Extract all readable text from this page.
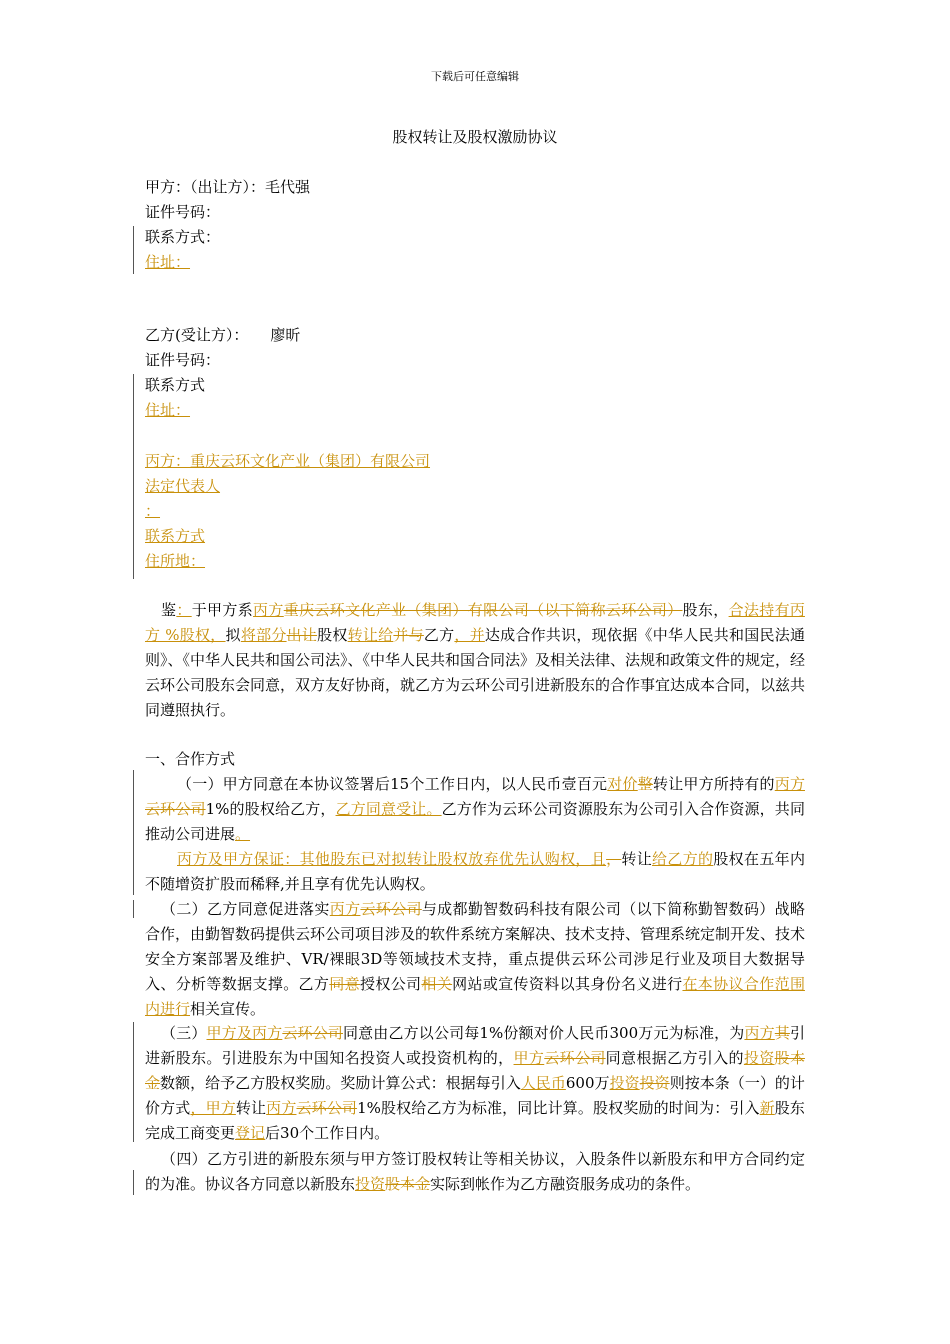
下载后可任意编辑
股权转让及股权激励协议
甲方：（出让方）：毛代强
证件号码：
联系方式：
住址：
乙方(受让方）： 廖昕
证件号码：
联系方式
住址：
丙方：重庆云环文化产业（集团）有限公司
法定代表人
：
联系方式
住所地：
鉴：于甲方系丙方重庆云环文化产业（集团）有限公司（以下简称云环公司）股东，合法持有丙方 %股权，拟将部分出让股权转让给并与乙方，并达成合作共识，现依据《中华人民共和国民法通则》、《中华人民共和国公司法》、《中华人民共和国合同法》及相关法律、法规和政策文件的规定，经云环公司股东会同意，双方友好协商，就乙方为云环公司引进新股东的合作事宜达成本合同，以兹共同遵照执行。
一、合作方式
（一）甲方同意在本协议签署后15个工作日内，以人民币壹百元对价整转让甲方所持有的丙方云环公司1%的股权给乙方，乙方同意受让。乙方作为云环公司资源股东为公司引入合作资源，共同推动公司进展。
丙方及甲方保证：其他股东已对拟转让股权放弃优先认购权，且，转让给乙方的股权在五年内不随增资扩股而稀释,并且享有优先认购权。
（二）乙方同意促进落实丙方云环公司与成都勤智数码科技有限公司（以下简称勤智数码）战略合作，由勤智数码提供云环公司项目涉及的软件系统方案解决、技术支持、管理系统定制开发、技术安全方案部署及维护、VR/裸眼3D等领域技术支持，重点提供云环公司涉足行业及项目大数据导入、分析等数据支撑。乙方同意授权公司相关网站或宣传资料以其身份名义进行在本协议合作范围内进行相关宣传。
（三）甲方及丙方云环公司同意由乙方以公司每1%份额对价人民币300万元为标准，为丙方其引进新股东。引进股东为中国知名投资人或投资机构的，甲方云环公司同意根据乙方引入的投资股本金数额，给予乙方股权奖励。奖励计算公式：根据每引入人民币600万投资投资则按本条（一）的计价方式，甲方转让丙方云环公司1%股权给乙方为标准，同比计算。股权奖励的时间为：引入新股东完成工商变更登记后30个工作日内。
（四）乙方引进的新股东须与甲方签订股权转让等相关协议，入股条件以新股东和甲方合同约定的为准。协议各方同意以新股东投资股本金实际到帐作为乙方融资服务成功的条件。
